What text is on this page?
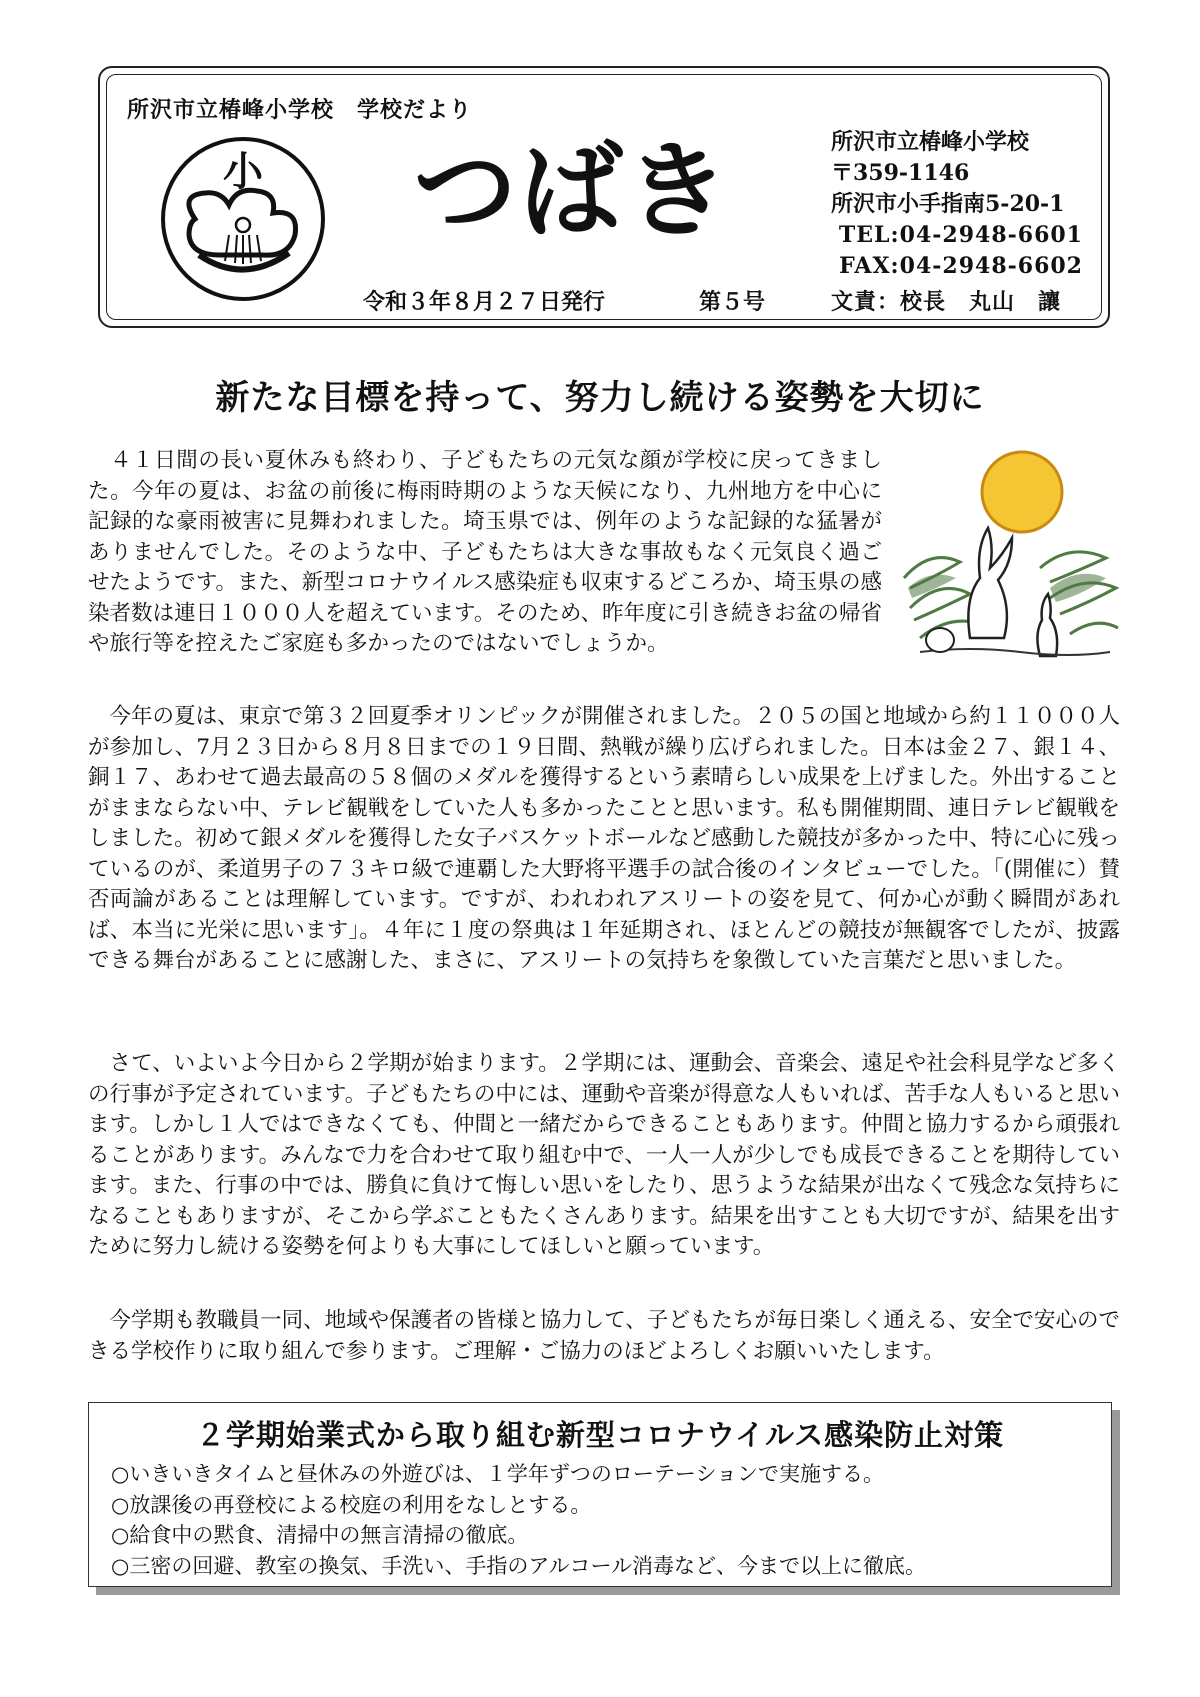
所沢市立椿峰小学校　学校だより
小 つばき
令和３年８月２７日発行	第５号
所沢市立椿峰小学校
〒359-1146
所沢市小手指南5-20-1
TEL:04-2948-6601
FAX:04-2948-6602
文責：校長　丸山　讓
新たな目標を持って、努力し続ける姿勢を大切に

　４１日間の長い夏休みも終わり、子どもたちの元気な顔が学校に戻ってきました。今年の夏は、お盆の前後に梅雨時期のような天候になり、九州地方を中心に記録的な豪雨被害に見舞われました。埼玉県では、例年のような記録的な猛暑がありませんでした。そのような中、子どもたちは大きな事故もなく元気良く過ごせたようです。また、新型コロナウイルス感染症も収束するどころか、埼玉県の感染者数は連日１０００人を超えています。そのため、昨年度に引き続きお盆の帰省や旅行等を控えたご家庭も多かったのではないでしょうか。

　今年の夏は、東京で第３２回夏季オリンピックが開催されました。２０５の国と地域から約１１０００人が参加し、7月２３日から８月８日までの１９日間、熱戦が繰り広げられました。日本は金２７、銀１４、銅１７、あわせて過去最高の５８個のメダルを獲得するという素晴らしい成果を上げました。外出することがままならない中、テレビ観戦をしていた人も多かったことと思います。私も開催期間、連日テレビ観戦をしました。初めて銀メダルを獲得した女子バスケットボールなど感動した競技が多かった中、特に心に残っているのが、柔道男子の７３キロ級で連覇した大野将平選手の試合後のインタビューでした。「(開催に）賛否両論があることは理解しています。ですが、われわれアスリートの姿を見て、何か心が動く瞬間があれば、本当に光栄に思います」。４年に１度の祭典は１年延期され、ほとんどの競技が無観客でしたが、披露できる舞台があることに感謝した、まさに、アスリートの気持ちを象徴していた言葉だと思いました。

　さて、いよいよ今日から２学期が始まります。２学期には、運動会、音楽会、遠足や社会科見学など多くの行事が予定されています。子どもたちの中には、運動や音楽が得意な人もいれば、苦手な人もいると思います。しかし１人ではできなくても、仲間と一緒だからできることもあります。仲間と協力するから頑張れることがあります。みんなで力を合わせて取り組む中で、一人一人が少しでも成長できることを期待しています。また、行事の中では、勝負に負けて悔しい思いをしたり、思うような結果が出なくて残念な気持ちになることもありますが、そこから学ぶこともたくさんあります。結果を出すことも大切ですが、結果を出すために努力し続ける姿勢を何よりも大事にしてほしいと願っています。

　今学期も教職員一同、地域や保護者の皆様と協力して、子どもたちが毎日楽しく通える、安全で安心のできる学校作りに取り組んで参ります。ご理解・ご協力のほどよろしくお願いいたします。

２学期始業式から取り組む新型コロナウイルス感染防止対策
○いきいきタイムと昼休みの外遊びは、１学年ずつのローテーションで実施する。
○放課後の再登校による校庭の利用をなしとする。
○給食中の黙食、清掃中の無言清掃の徹底。
○三密の回避、教室の換気、手洗い、手指のアルコール消毒など、今まで以上に徹底。
